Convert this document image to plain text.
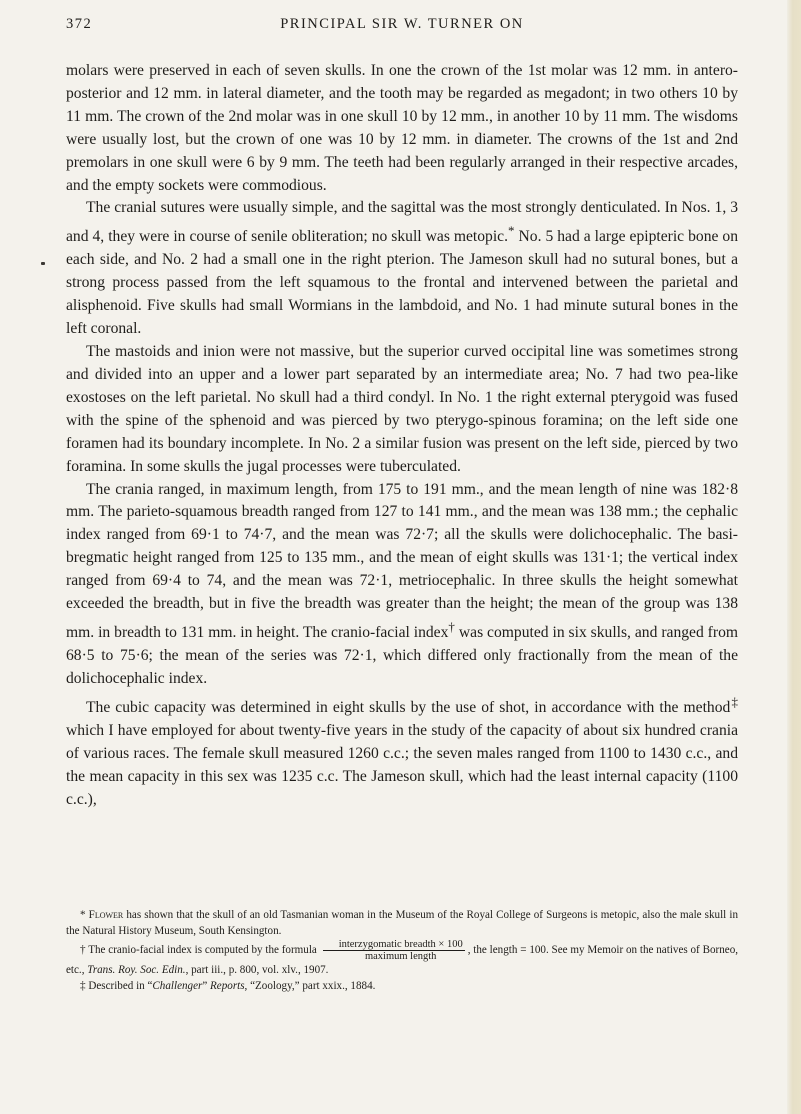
372	PRINCIPAL SIR W. TURNER ON

molars were preserved in each of seven skulls. In one the crown of the 1st molar was 12 mm. in antero-posterior and 12 mm. in lateral diameter, and the tooth may be regarded as megadont; in two others 10 by 11 mm. The crown of the 2nd molar was in one skull 10 by 12 mm., in another 10 by 11 mm. The wisdoms were usually lost, but the crown of one was 10 by 12 mm. in diameter. The crowns of the 1st and 2nd premolars in one skull were 6 by 9 mm. The teeth had been regularly arranged in their respective arcades, and the empty sockets were commodious.

The cranial sutures were usually simple, and the sagittal was the most strongly denticulated. In Nos. 1, 3 and 4, they were in course of senile obliteration; no skull was metopic.* No. 5 had a large epipteric bone on each side, and No. 2 had a small one in the right pterion. The Jameson skull had no sutural bones, but a strong process passed from the left squamous to the frontal and intervened between the parietal and alisphenoid. Five skulls had small Wormians in the lambdoid, and No. 1 had minute sutural bones in the left coronal.

The mastoids and inion were not massive, but the superior curved occipital line was sometimes strong and divided into an upper and a lower part separated by an intermediate area; No. 7 had two pea-like exostoses on the left parietal. No skull had a third condyl. In No. 1 the right external pterygoid was fused with the spine of the sphenoid and was pierced by two pterygo-spinous foramina; on the left side one foramen had its boundary incomplete. In No. 2 a similar fusion was present on the left side, pierced by two foramina. In some skulls the jugal processes were tuberculated.

The crania ranged, in maximum length, from 175 to 191 mm., and the mean length of nine was 182·8 mm. The parieto-squamous breadth ranged from 127 to 141 mm., and the mean was 138 mm.; the cephalic index ranged from 69·1 to 74·7, and the mean was 72·7; all the skulls were dolichocephalic. The basi-bregmatic height ranged from 125 to 135 mm., and the mean of eight skulls was 131·1; the vertical index ranged from 69·4 to 74, and the mean was 72·1, metriocephalic. In three skulls the height somewhat exceeded the breadth, but in five the breadth was greater than the height; the mean of the group was 138 mm. in breadth to 131 mm. in height. The cranio-facial index† was computed in six skulls, and ranged from 68·5 to 75·6; the mean of the series was 72·1, which differed only fractionally from the mean of the dolichocephalic index.

The cubic capacity was determined in eight skulls by the use of shot, in accordance with the method‡ which I have employed for about twenty-five years in the study of the capacity of about six hundred crania of various races. The female skull measured 1260 c.c.; the seven males ranged from 1100 to 1430 c.c., and the mean capacity in this sex was 1235 c.c. The Jameson skull, which had the least internal capacity (1100 c.c.),

* Flower has shown that the skull of an old Tasmanian woman in the Museum of the Royal College of Surgeons is metopic, also the male skull in the Natural History Museum, South Kensington.

† The cranio-facial index is computed by the formula $\frac{\text{interzygomatic breadth × 100}}{\text{maximum length}}$ , the length = 100. See my Memoir on the natives of Borneo, etc., Trans. Roy. Soc. Edin., part iii., p. 800, vol. xlv., 1907.

‡ Described in “Challenger” Reports, “Zoology,” part xxix., 1884.
